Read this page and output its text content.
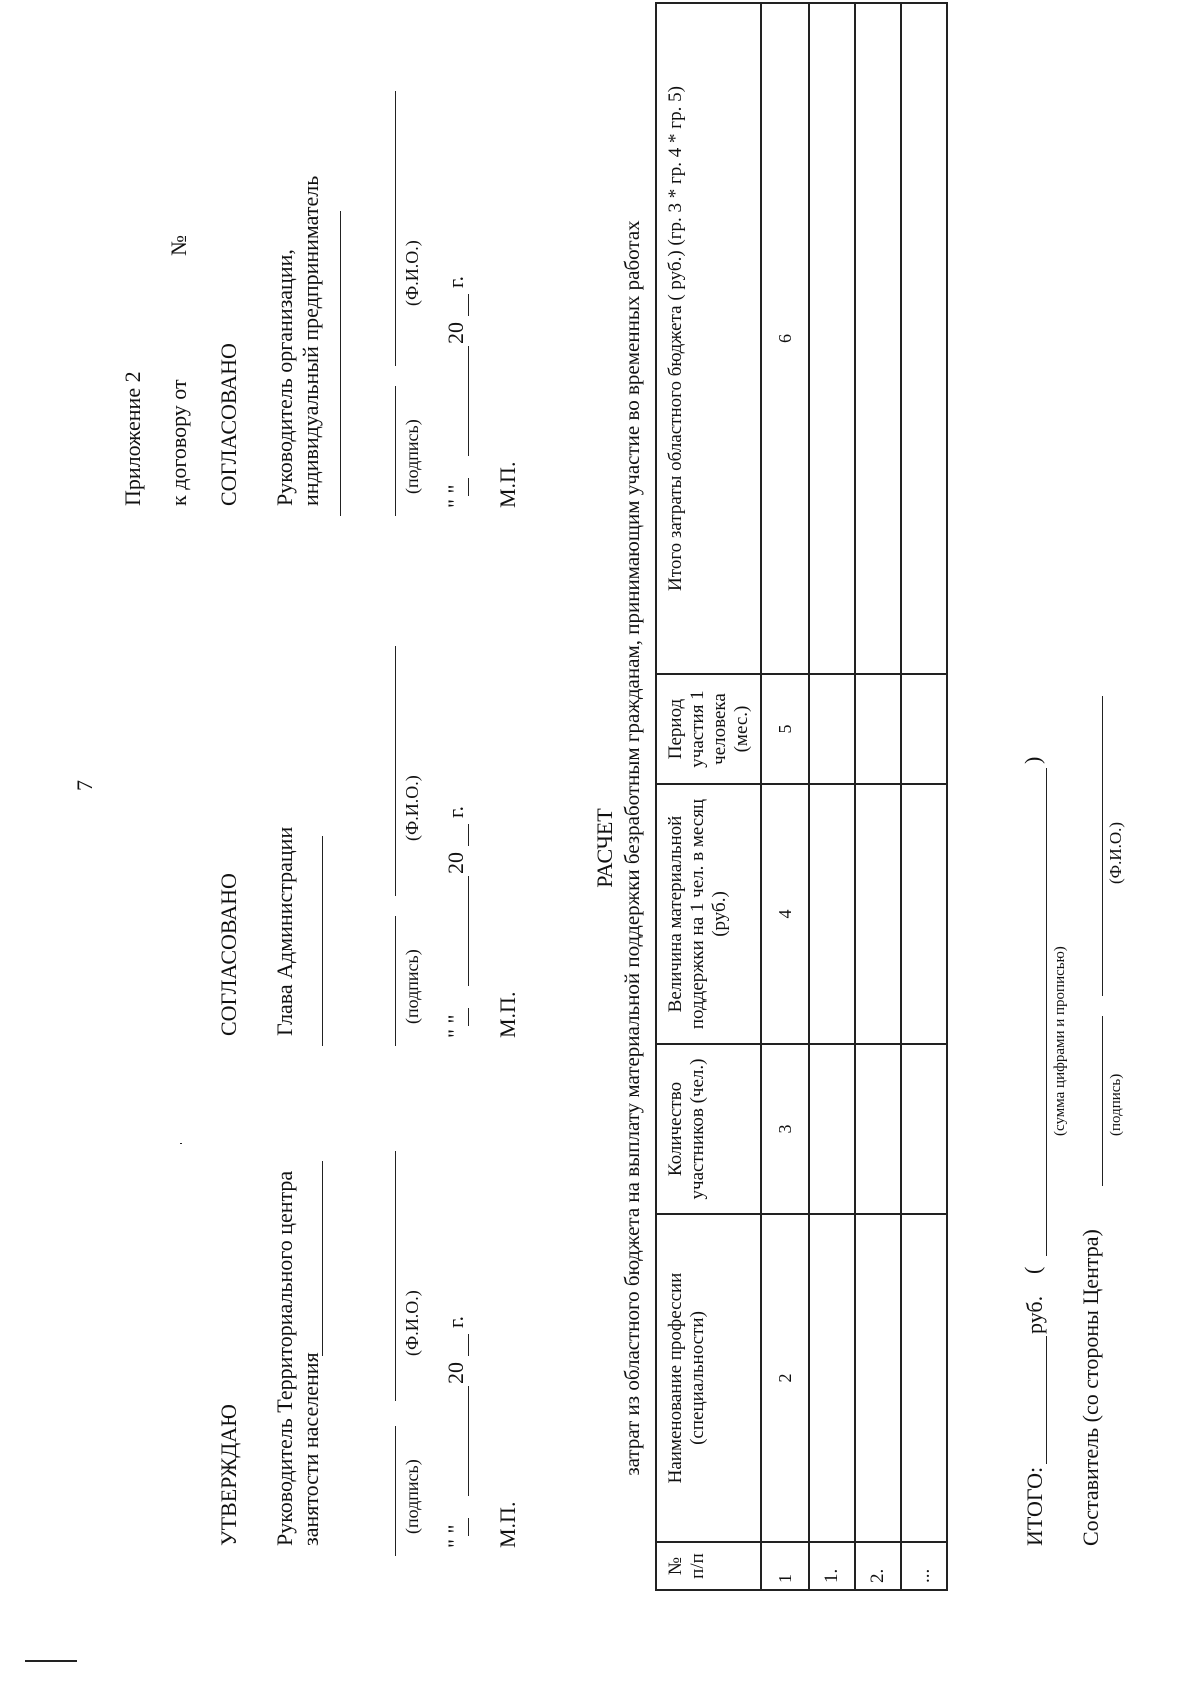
7
Приложение 2 к договору от
№
УТВЕРЖДАЮ Руководитель Территориального центра занятости населения	(подпись)
(Ф.И.О.)
" "
20
г.
М.П.
СОГЛАСОВАНО Глава Администрации	(подпись)
(Ф.И.О.)
" "
20
г.
М.П.
СОГЛАСОВАНО Руководитель организации, индивидуальный предприниматель	(подпись)
(Ф.И.О.)
" "
20
г.
М.П.
РАСЧЕТ затрат из областного бюджета на выплату материальной поддержки безработным гражданам, принимающим участие во временных работах
№ п/п	Наименование профессии (специальности)	Количество участников (чел.)	Величина материальной поддержки на 1 чел. в месяц (руб.)	Период участия 1 человека (мес.)	Итого затраты областного бюджета ( руб.) (гр. 3 * гр. 4 * гр. 5)
1	2	3	4	5	6
1.					
2.					
...					
ИТОГО:
руб.
(
)
(сумма цифрами и прописью)
Составитель (со стороны Центра)
(подпись)
(Ф.И.О.)
